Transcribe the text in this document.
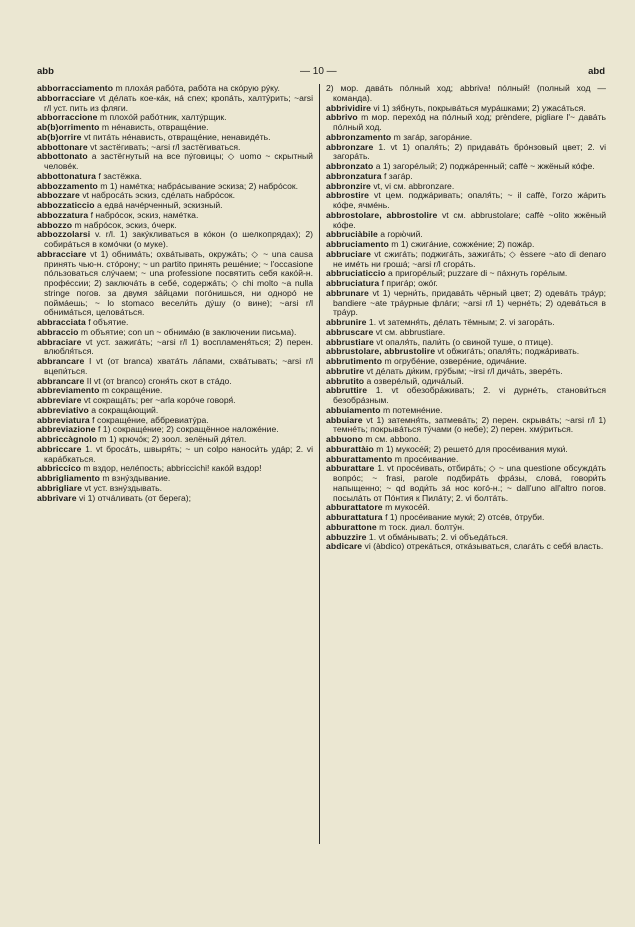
abb	— 10 —	abd

abborracciamento m плохáя рабóта, рабóта на скóрую рýку.

abborracciare vt дéлать кое-кáк, нá спех; кропáть, халтýрить; ~arsi r/l уст. пить из фляги.

abborraccione m плохóй рабóтник, халтýрщик.

ab(b)orrimento m нéнависть, отвращéние.

ab(b)orrire vt питáть нéнависть, отвращéние, ненавидéть.

abbottonare vt застёгивать; ~arsi r/l застёгиваться.

abbottonato a застёгнутый на все пýговицы; ◇ uomo ~ скрытный человéк.

abbottonatura f застёжка.

abbozzamento m 1) намéтка; набрáсывание эскиза; 2) набрóсок.

abbozzare vt набросáть эскиз, сдéлать набрóсок.

abbozzaticcio a едвá начéрченный, эскизный.

abbozzatura f набрóсок, эскиз, намéтка.

abbozzo m набрóсок, эскиз, óчерк.

abbozzolarsi v. r/l. 1) закýкливаться в кóкон (о шелкопрядах); 2) собирáться в комóчки (о муке).

abbracciare vt 1) обнимáть; охвáтывать, окружáть; ◇ ~ una causa принять чью-н. стóрону; ~ un partito принять решéние; ~ l'occasione пóльзоваться слýчаем; ~ una professione посвятить себя какóй-н. профéссии; 2) заключáть в себé, содержáть; ◇ chi molto ~a nulla stringe погов. за двумя зáйцами погóнишься, ни однорó не поймáешь; ~ lo stomaco весели́ть дýшу (о вине); ~arsi r/l обнимáться, целовáться.

abbracciata f объятие.

abbraccio m объятие; con un ~ обнимáю (в заключении письма).

abbraciare vt уст. зажигáть; ~arsi r/l 1) воспламеня́ться; 2) перен. влюбля́ться.

abbrancare I vt (от branca) хватáть лáпами, схвáтывать; ~arsi r/l вцепи́ться.

abbrancare II vt (от branco) сгоня́ть скот в стáдо.

abbreviamento m сокращéние.

abbreviare vt сокращáть; per ~arla корóче говоря́.

abbreviativo a сокращáющий.

abbreviatura f сокращéние, аббревиатýра.

abbreviazione f 1) сокращéние; 2) сокращённое наложéние.

abbriccàgnolo m 1) крючóк; 2) зоол. зелёный дя́тел.

abbriccare 1. vt бросáть, швыря́ть; ~ un colpo наноси́ть удáр; 2. vi карáбкаться.

abbriccico m вздор, нелéпость; abbriccichi! какóй вздор!

abbrigliamento m взнýздывание.

abbrigliare vt уст. взнýздывать.

abbrivare vi 1) отчáливать (от берега);

2) мор. давáть пóлный ход; abbriva! пóлный! (полный ход — команда).

abbrividire vi 1) зя́бнуть, покрывáться мурáшками; 2) ужасáться.

abbrivo m мор. перехóд на пóлный ход; prèndere, pigliare l'~ давáть пóлный ход.

abbronzamento m загáр, загорáние.

abbronzare 1. vt 1) опаля́ть; 2) придавáть брóнзовый цвет; 2. vi загорáть.

abbronzato a 1) загорéлый; 2) поджáренный; caffè ~ жжёный кóфе.

abbronzatura f загáр.

abbronzire vt, vi см. abbronzare.

abbrostire vt цем. поджáривать; опаля́ть; ~ il caffè, l'orzo жáрить кóфе, ячмéнь.

abbrostolare, abbrostolire vt см. abbrustolare; caffè ~olito жжёный кóфе.

abbruciàbile a горю́чий.

abbruciamento m 1) сжигáние, сожжéние; 2) пожáр.

abbruciare vt сжигáть; поджигáть, зажигáть; ◇ èssere ~ato di denaro не имéть ни грошá; ~arsi r/l сгорáть.

abbruciaticcio a пригорéлый; puzzare di ~ пáхнуть горéлым.

abbruciatura f пригáр; ожóг.

abbrunare vt 1) черни́ть, придавáть чёрный цвет; 2) одевáть трáур; bandiere ~ate трáурные флáги; ~arsi r/l 1) чернéть; 2) одевáться в трáур.

abbrunire 1. vt затемня́ть, дéлать тёмным; 2. vi загорáть.

abbruscare vt см. abbrustiare.

abbrustiare vt опаля́ть, пали́ть (о свиной туше, о птице).

abbrustolare, abbrustolire vt обжигáть; опаля́ть; поджáривать.

abbrutimento m огрубéние, озверéние, одичáние.

abbrutire vt дéлать ди́ким, грýбым; ~irsi r/l дичáть, зверéть.

abbrutito a озверéлый, одичáлый.

abbruttire 1. vt обезобрáживать; 2. vi дурнéть, станови́ться безобрáзным.

abbuiamento m потемнéние.

abbuiare vt 1) затемня́ть, затмевáть; 2) перен. скрывáть; ~arsi r/l 1) темнéть; покрывáться тýчами (о небе); 2) перен. хмýриться.

abbuono m см. abbono.

abburattàio m 1) мукосéй; 2) решетó для просéивания муки́.

abburattamento m просéивание.

abburattare 1. vt просéивать, отбирáть; ◇ ~ una questione обсуждáть вопрóс; ~ frasi, parole подбирáть фрáзы, словá, говори́ть напыщенно; ~ qd води́ть зá нос когó-н.; ~ dall'uno all'altro погов. посылáть от Пóнтия к Пилáту; 2. vi болтáть.

abburattatore m мукосéй.

abburattatura f 1) просéивание муки́; 2) отсéв, óтруби.

abburattone m тоск. диал. болтýн.

abbuzzire 1. vt обмáнывать; 2. vi объедáться.

abdicare vi (àbdico) отрекáться, откáзываться, слагáть с себя́ власть.
